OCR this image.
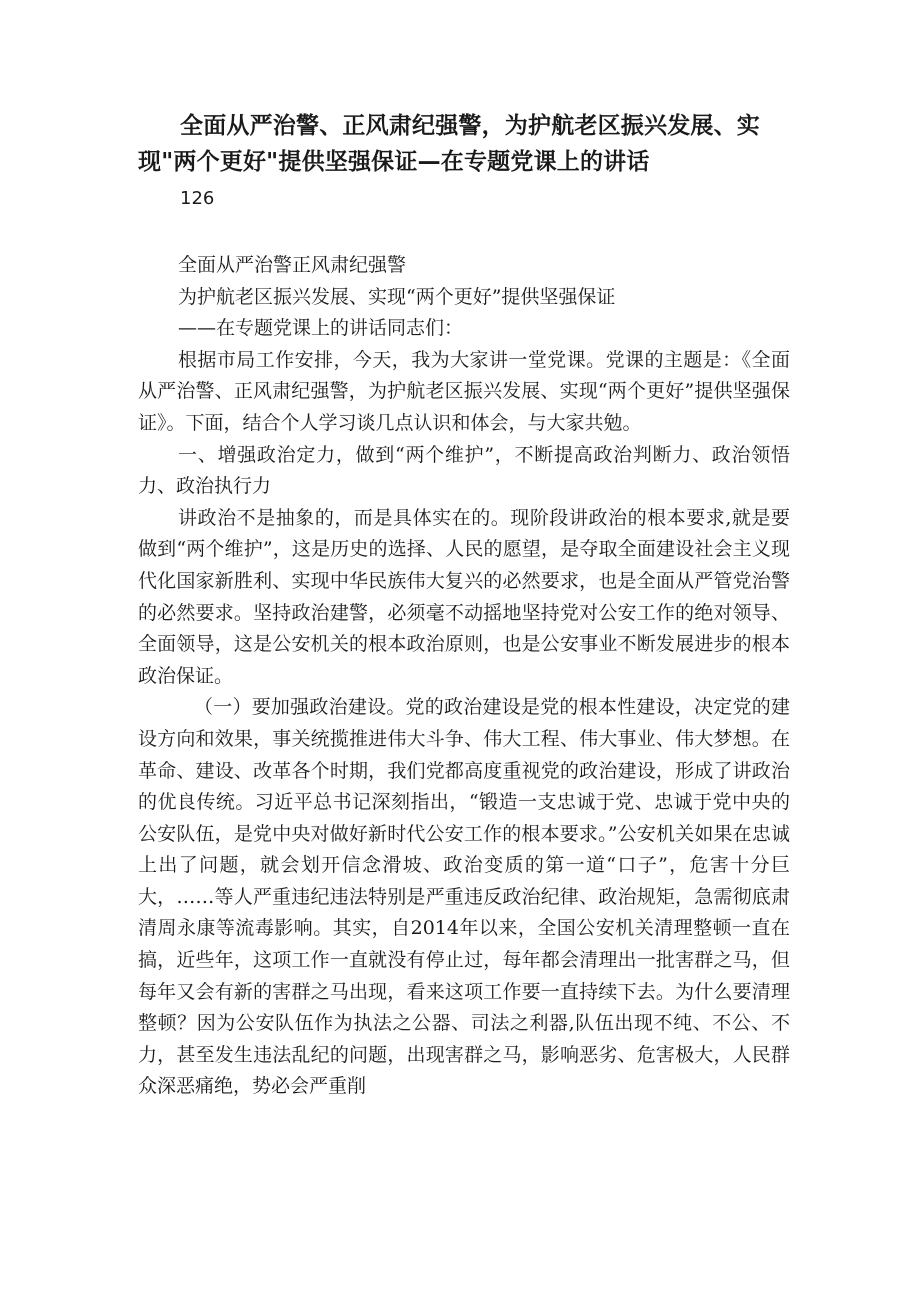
全面从严治警、正风肃纪强警，为护航老区振兴发展、实现"两个更好"提供坚强保证—在专题党课上的讲话
126

全面从严治警正风肃纪强警

为护航老区振兴发展、实现“两个更好”提供坚强保证

——在专题党课上的讲话同志们：

根据市局工作安排，今天，我为大家讲一堂党课。党课的主题是：《全面从严治警、正风肃纪强警，为护航老区振兴发展、实现“两个更好”提供坚强保证》。下面，结合个人学习谈几点认识和体会，与大家共勉。

一、增强政治定力，做到“两个维护”，不断提高政治判断力、政治领悟力、政治执行力

讲政治不是抽象的，而是具体实在的。现阶段讲政治的根本要求,就是要做到“两个维护”，这是历史的选择、人民的愿望，是夺取全面建设社会主义现代化国家新胜利、实现中华民族伟大复兴的必然要求，也是全面从严管党治警的必然要求。坚持政治建警，必须毫不动摇地坚持党对公安工作的绝对领导、全面领导，这是公安机关的根本政治原则，也是公安事业不断发展进步的根本政治保证。

（一）要加强政治建设。党的政治建设是党的根本性建设，决定党的建设方向和效果，事关统揽推进伟大斗争、伟大工程、伟大事业、伟大梦想。在革命、建设、改革各个时期，我们党都高度重视党的政治建设，形成了讲政治的优良传统。习近平总书记深刻指出，“锻造一支忠诚于党、忠诚于党中央的公安队伍，是党中央对做好新时代公安工作的根本要求。”公安机关如果在忠诚上出了问题，就会划开信念滑坡、政治变质的第一道“口子”，危害十分巨大，……等人严重违纪违法特别是严重违反政治纪律、政治规矩，急需彻底肃清周永康等流毒影响。其实，自2014年以来，全国公安机关清理整顿一直在搞，近些年，这项工作一直就没有停止过，每年都会清理出一批害群之马，但每年又会有新的害群之马出现，看来这项工作要一直持续下去。为什么要清理整顿？因为公安队伍作为执法之公器、司法之利器,队伍出现不纯、不公、不力，甚至发生违法乱纪的问题，出现害群之马，影响恶劣、危害极大，人民群众深恶痛绝，势必会严重削
